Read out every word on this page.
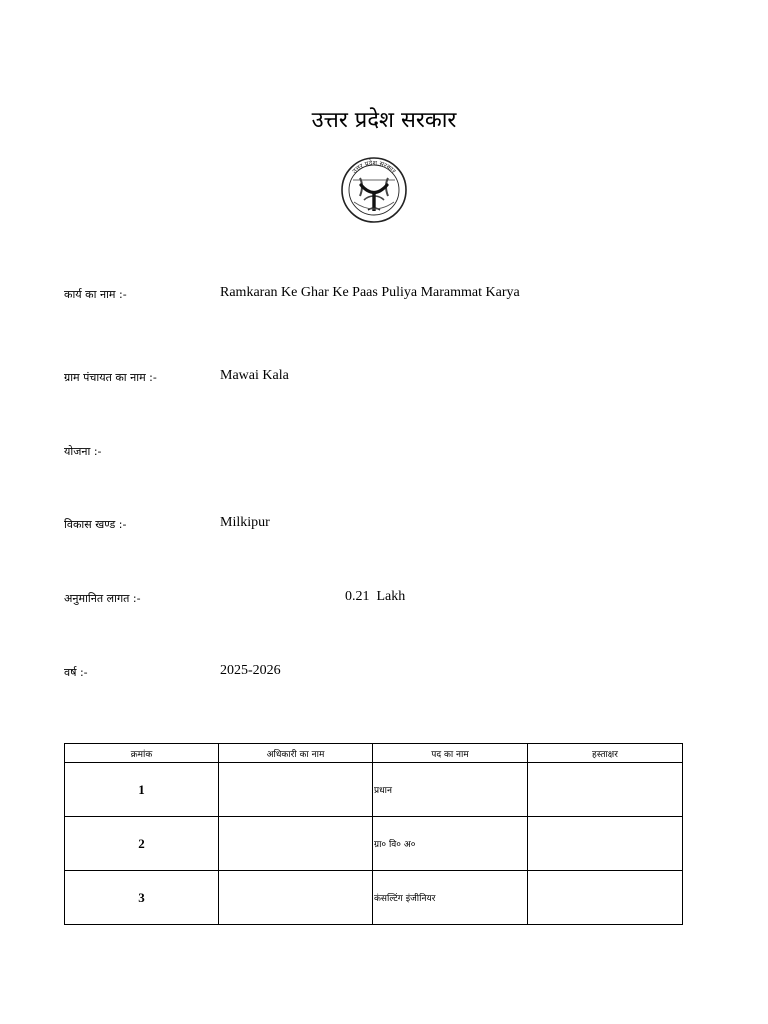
उत्तर प्रदेश सरकार
उत्तर प्रदेश सरकार
कार्य का नाम :-	Ramkaran Ke Ghar Ke Paas Puliya Marammat Karya
ग्राम पंचायत का नाम :-	Mawai Kala
योजना :-
विकास खण्ड :-	Milkipur
अनुमानित लागत :-	0.21  Lakh
वर्ष :-	2025-2026
क्रमांक	अधिकारी का नाम	पद का नाम	हस्ताक्षर
1		प्रधान	
2		ग्रा० वि० अ०	
3		कंसल्टिंग इंजीनियर	
